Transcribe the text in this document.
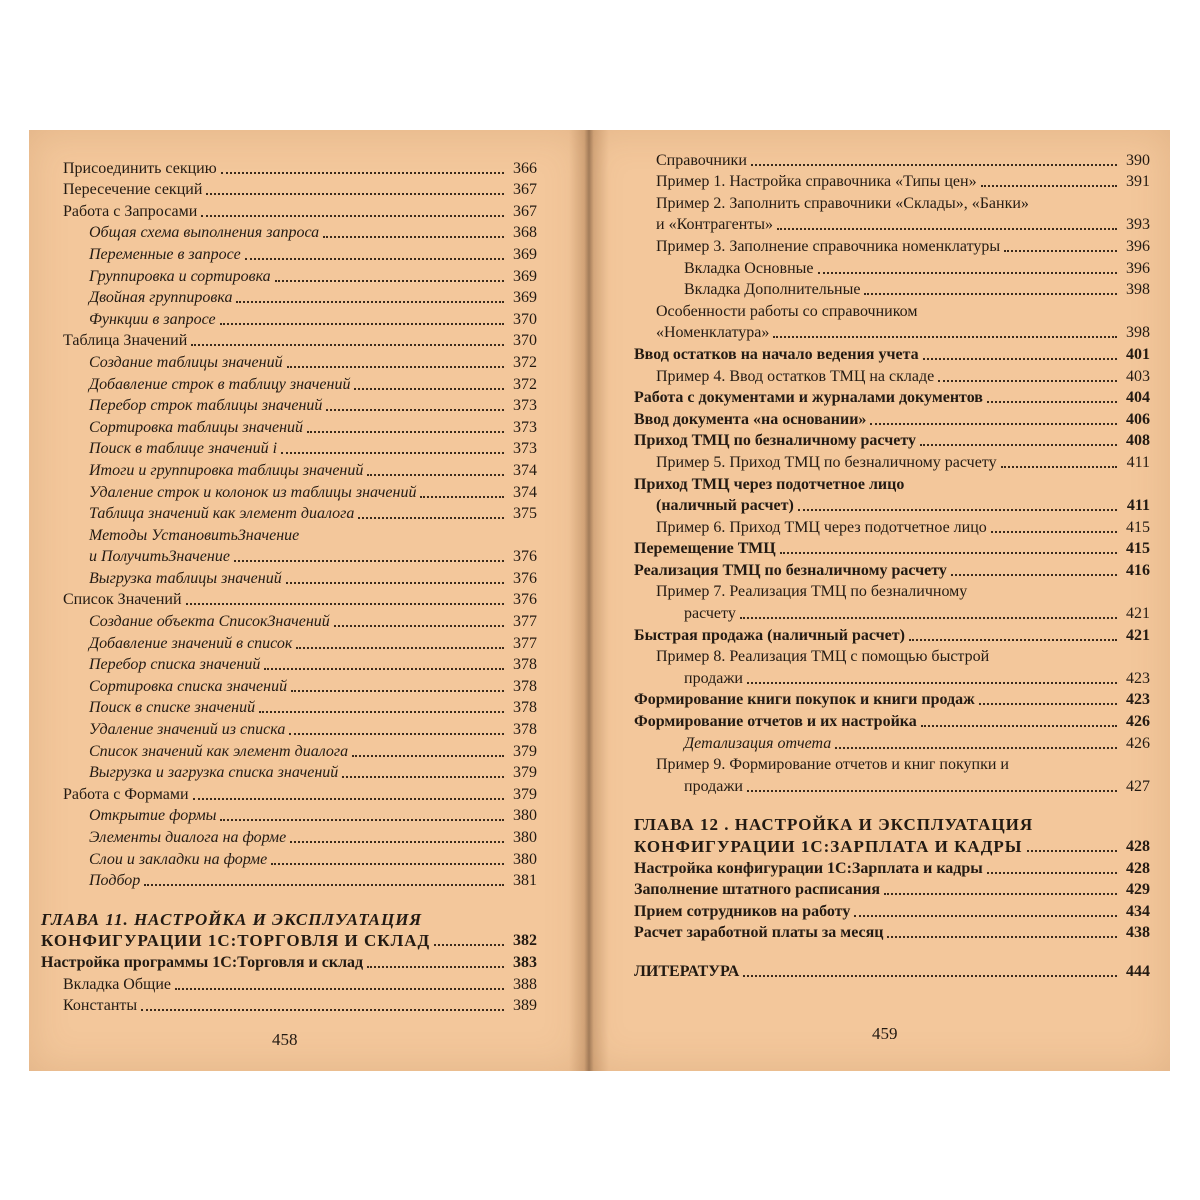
Присоединить секцию	366
Пересечение секций	367
Работа с Запросами	367
Общая схема выполнения запроса	368
Переменные в запросе	369
Группировка и сортировка	369
Двойная группировка	369
Функции в запросе	370
Таблица Значений	370
Создание таблицы значений	372
Добавление строк в таблицу значений	372
Перебор строк таблицы значений	373
Сортировка таблицы значений	373
Поиск в таблице значений і	373
Итоги и группировка таблицы значений	374
Удаление строк и колонок из таблицы значений	374
Таблица значений как элемент диалога	375
Методы УстановитьЗначение
и ПолучитьЗначение	376
Выгрузка таблицы значений	376
Список Значений	376
Создание объекта СписокЗначений	377
Добавление значений в список	377
Перебор списка значений	378
Сортировка списка значений	378
Поиск в списке значений	378
Удаление значений из списка	378
Список значений как элемент диалога	379
Выгрузка и загрузка списка значений	379
Работа с Формами	379
Открытие формы	380
Элементы диалога на форме	380
Слои и закладки на форме	380
Подбор	381
ГЛАВА 11. НАСТРОЙКА И ЭКСПЛУАТАЦИЯ
КОНФИГУРАЦИИ 1С:ТОРГОВЛЯ И СКЛАД	382
Настройка программы 1С:Торговля и склад	383
Вкладка Общие	388
Константы	389
458
Справочники	390
Пример 1. Настройка справочника «Типы цен»	391
Пример 2. Заполнить справочники «Склады», «Банки»
и «Контрагенты»	393
Пример 3. Заполнение справочника номенклатуры	396
Вкладка Основные	396
Вкладка Дополнительные	398
Особенности работы со справочником
«Номенклатура»	398
Ввод остатков на начало ведения учета	401
Пример 4. Ввод остатков ТМЦ на складе	403
Работа с документами и журналами документов	404
Ввод документа «на основании»	406
Приход ТМЦ по безналичному расчету	408
Пример 5. Приход ТМЦ по безналичному расчету	411
Приход ТМЦ через подотчетное лицо
(наличный расчет)	411
Пример 6. Приход ТМЦ через подотчетное лицо	415
Перемещение ТМЦ	415
Реализация ТМЦ по безналичному расчету	416
Пример 7. Реализация ТМЦ по безналичному
расчету	421
Быстрая продажа (наличный расчет)	421
Пример 8. Реализация ТМЦ с помощью быстрой
продажи	423
Формирование книги покупок и книги продаж	423
Формирование отчетов и их настройка	426
Детализация отчета	426
Пример 9. Формирование отчетов и книг покупки и
продажи	427
ГЛАВА 12 . НАСТРОЙКА И ЭКСПЛУАТАЦИЯ
КОНФИГУРАЦИИ 1С:ЗАРПЛАТА И КАДРЫ	428
Настройка конфигурации 1С:Зарплата и кадры	428
Заполнение штатного расписания	429
Прием сотрудников на работу	434
Расчет заработной платы за месяц	438
ЛИТЕРАТУРА	444
459
